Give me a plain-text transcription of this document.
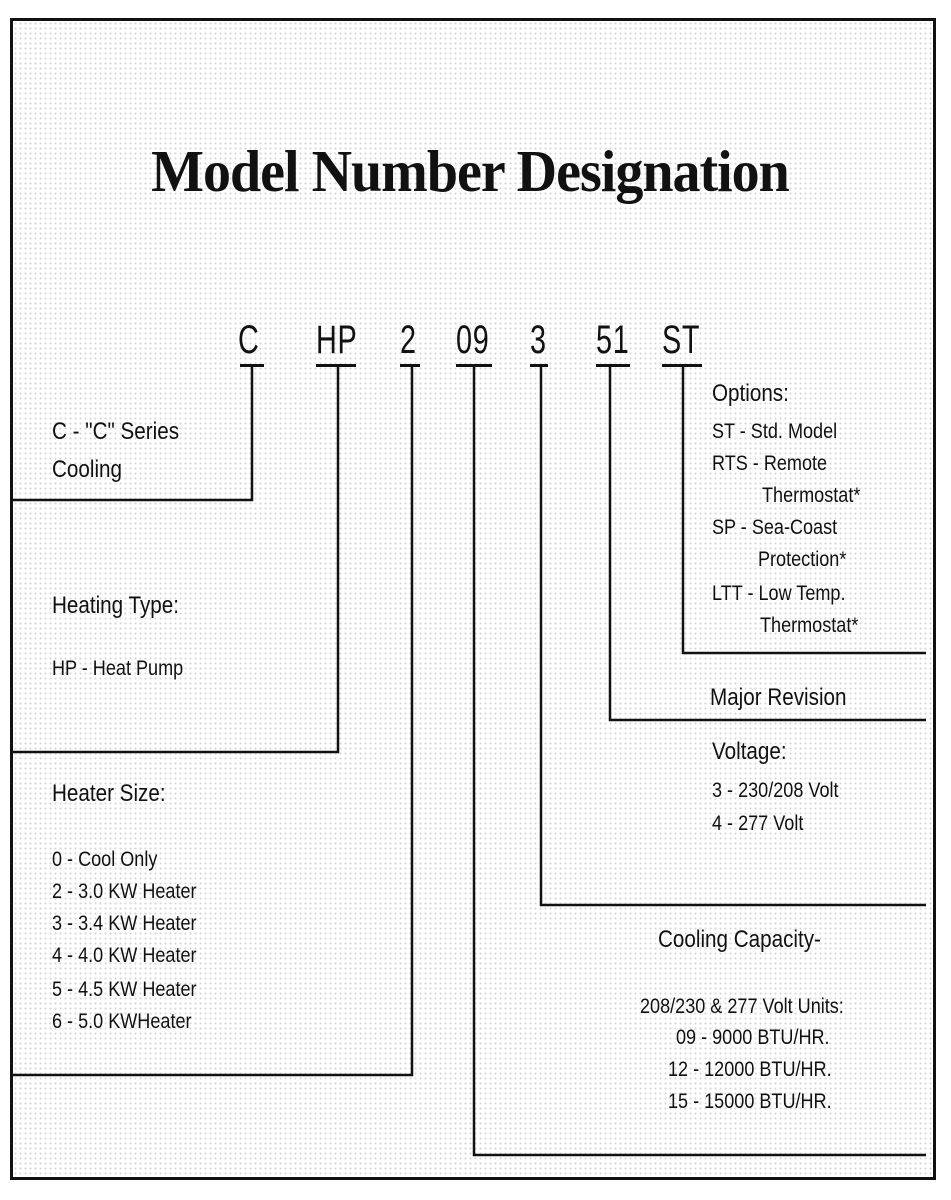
Model Number Designation
C HP 2 09 3 51 ST
C - "C" Series
Cooling
Heating Type:
HP - Heat Pump
Heater Size:
0 - Cool Only
2 - 3.0 KW Heater
3 - 3.4 KW Heater
4 - 4.0 KW Heater
5 - 4.5 KW Heater
6 - 5.0 KWHeater
Options:
ST - Std. Model
RTS - Remote
Thermostat*
SP - Sea-Coast
Protection*
LTT - Low Temp.
Thermostat*
Major Revision
Voltage:
3 - 230/208 Volt
4 - 277 Volt
Cooling Capacity-
208/230 & 277 Volt Units:
09 - 9000 BTU/HR.
12 - 12000 BTU/HR.
15 - 15000 BTU/HR.
